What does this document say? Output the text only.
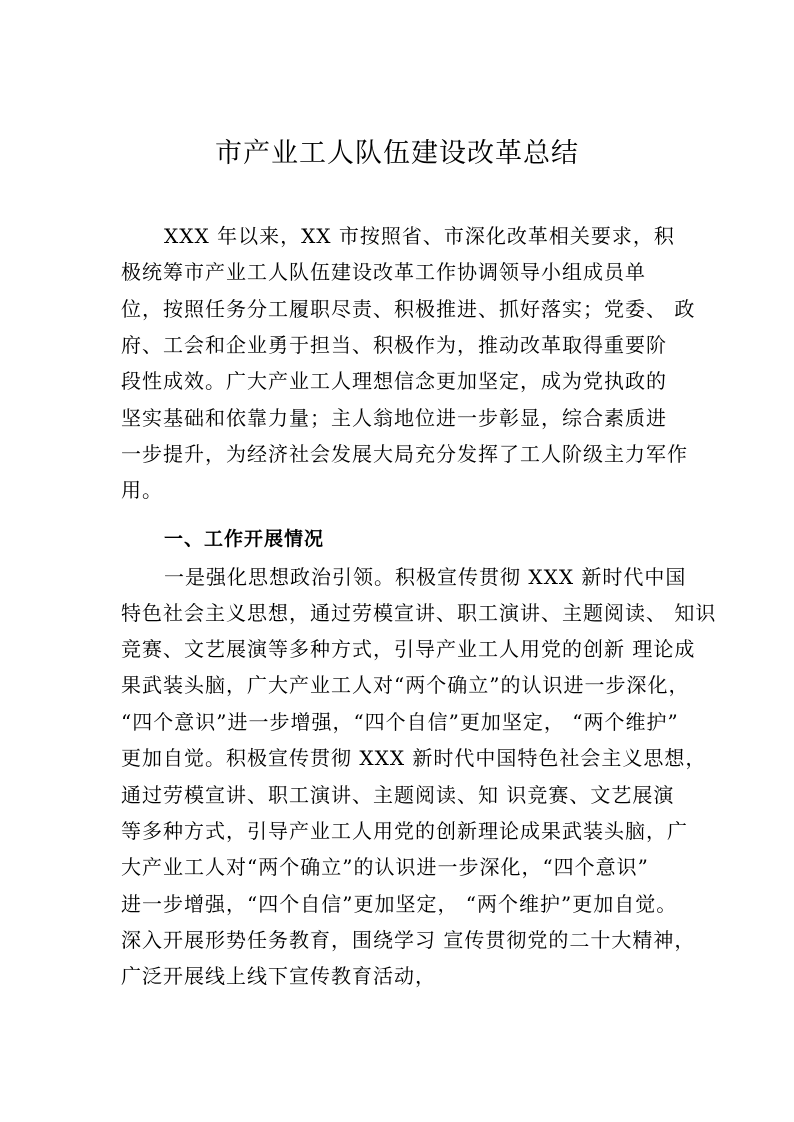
市产业工人队伍建设改革总结
XXX 年以来，XX 市按照省、市深化改革相关要求，积
极统筹市产业工人队伍建设改革工作协调领导小组成员单
位，按照任务分工履职尽责、积极推进、抓好落实；党委、 政
府、工会和企业勇于担当、积极作为，推动改革取得重要阶
段性成效。广大产业工人理想信念更加坚定，成为党执政的
坚实基础和依靠力量；主人翁地位进一步彰显，综合素质进
一步提升，为经济社会发展大局充分发挥了工人阶级主力军作
用。
一、工作开展情况
一是强化思想政治引领。积极宣传贯彻 XXX 新时代中国
特色社会主义思想，通过劳模宣讲、职工演讲、主题阅读、 知识
竞赛、文艺展演等多种方式，引导产业工人用党的创新 理论成
果武装头脑，广大产业工人对“两个确立”的认识进一步深化，
“四个意识”进一步增强，“四个自信”更加坚定， “两个维护”
更加自觉。积极宣传贯彻 XXX 新时代中国特色社会主义思想，
通过劳模宣讲、职工演讲、主题阅读、知 识竞赛、文艺展演
等多种方式，引导产业工人用党的创新理论成果武装头脑，广
大产业工人对“两个确立”的认识进一步深化，“四个意识”
进一步增强，“四个自信”更加坚定， “两个维护”更加自觉。
深入开展形势任务教育，围绕学习 宣传贯彻党的二十大精神，
广泛开展线上线下宣传教育活动，
